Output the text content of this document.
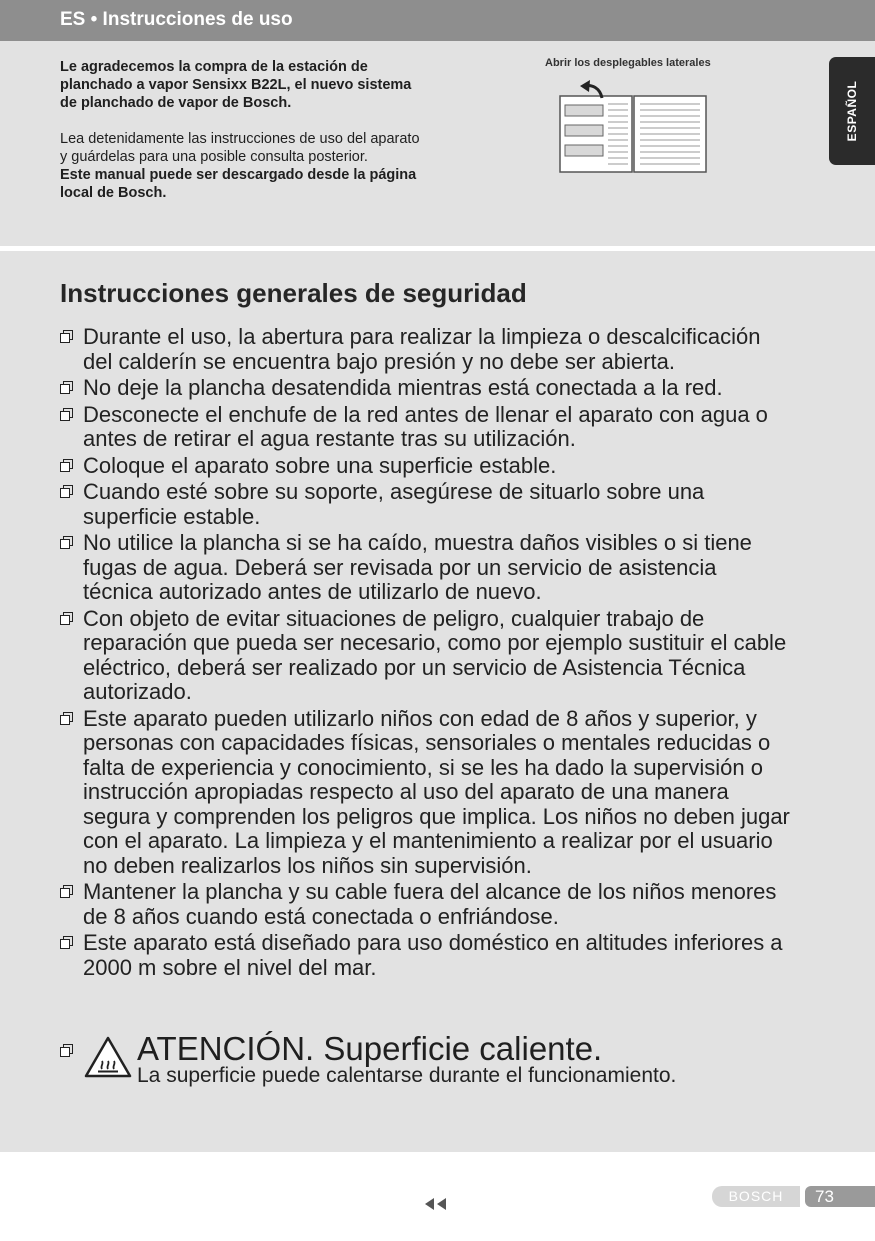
ES • Instrucciones de uso

Le agradecemos la compra de la estación de planchado a vapor Sensixx B22L, el nuevo sistema de planchado de vapor de Bosch.

Lea detenidamente las instrucciones de uso del aparato y guárdelas para una posible consulta posterior.

Este manual puede ser descargado desde la página local de Bosch.

Abrir los desplegables laterales
ESPAÑOL
Instrucciones generales de seguridad
Durante el uso, la abertura para realizar la limpieza o descalcificación del calderín se encuentra bajo presión y no debe ser abierta.
No deje la plancha desatendida mientras está conectada a la red.
Desconecte el enchufe de la red antes de llenar el aparato con agua o antes de retirar el agua restante tras su utilización.
Coloque el aparato sobre una superficie estable.
Cuando esté sobre su soporte, asegúrese de situarlo sobre una superficie estable.
No utilice la plancha si se ha caído, muestra daños visibles o si tiene fugas de agua. Deberá ser revisada por un servicio de asistencia técnica autorizado antes de utilizarlo de nuevo.
Con objeto de evitar situaciones de peligro, cualquier trabajo de reparación que pueda ser necesario, como por ejemplo sustituir el cable eléctrico, deberá ser realizado por un servicio de Asistencia Técnica autorizado.
Este aparato pueden utilizarlo niños con edad de 8 años y superior, y personas con capacidades físicas, sensoriales o mentales reducidas o falta de experiencia y conocimiento, si se les ha dado la supervisión o instrucción apropiadas respecto al uso del aparato de una manera segura y comprenden los peligros que implica. Los niños no deben jugar con el aparato. La limpieza y el mantenimiento a realizar por el usuario no deben realizarlos los niños sin supervisión.
Mantener la plancha y su cable fuera del alcance de los niños menores de 8 años cuando está conectada o enfriándose.
Este aparato está diseñado para uso doméstico en altitudes inferiores a 2000 m sobre el nivel del mar.
ATENCIÓN. Superficie caliente.
La superficie puede calentarse durante el funcionamiento.
BOSCH	73
